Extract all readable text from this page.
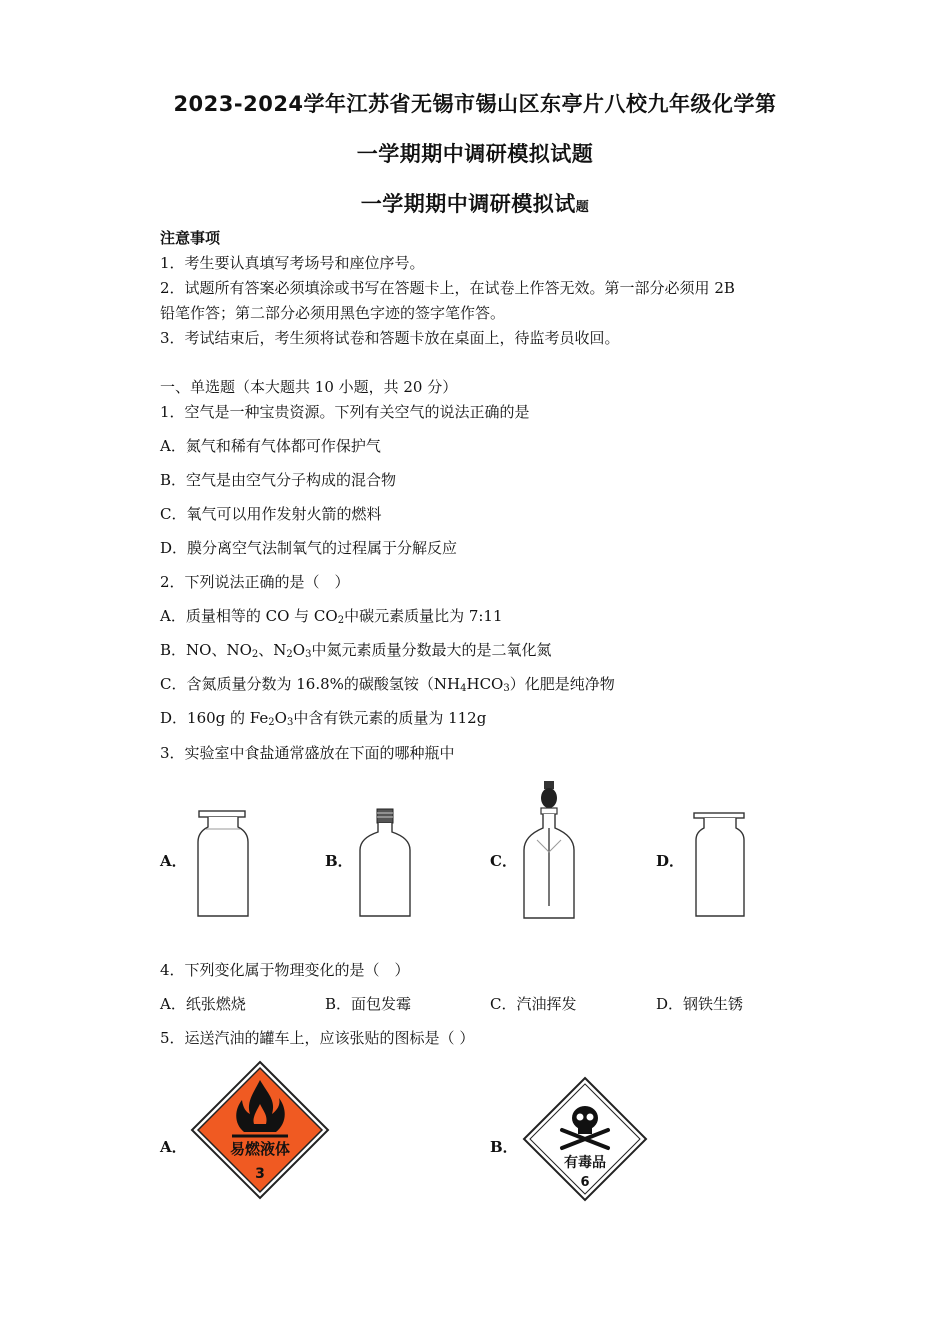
2023-2024学年江苏省无锡市锡山区东亭片八校九年级化学第
一学期期中调研模拟试题
一学期期中调研模拟试题
注意事项
1．考生要认真填写考场号和座位序号。
2．试题所有答案必须填涂或书写在答题卡上，在试卷上作答无效。第一部分必须用 2B
铅笔作答；第二部分必须用黑色字迹的签字笔作答。
3．考试结束后，考生须将试卷和答题卡放在桌面上，待监考员收回。
一、单选题（本大题共 10 小题，共 20 分）
1．空气是一种宝贵资源。下列有关空气的说法正确的是
A．氮气和稀有气体都可作保护气
B．空气是由空气分子构成的混合物
C．氧气可以用作发射火箭的燃料
D．膜分离空气法制氧气的过程属于分解反应
2．下列说法正确的是（　）
A．质量相等的 CO 与 $CO_2$中碳元素质量比为 7:11
B．NO、$NO_2$、$N_2O_3$中氮元素质量分数最大的是二氧化氮
C．含氮质量分数为 16.8%的碳酸氢铵$(NH_4HCO_3)$化肥是纯净物
D．160g 的 $Fe_2O_3$中含有铁元素的质量为 112g
3．实验室中食盐通常盛放在下面的哪种瓶中
A．	B．	C．	D．
4．下列变化属于物理变化的是（　）
A．纸张燃烧	B．面包发霉	C．汽油挥发	D．钢铁生锈
5．运送汽油的罐车上，应该张贴的图标是（ ）
A．	易燃液体
3
B．
有毒品
6
